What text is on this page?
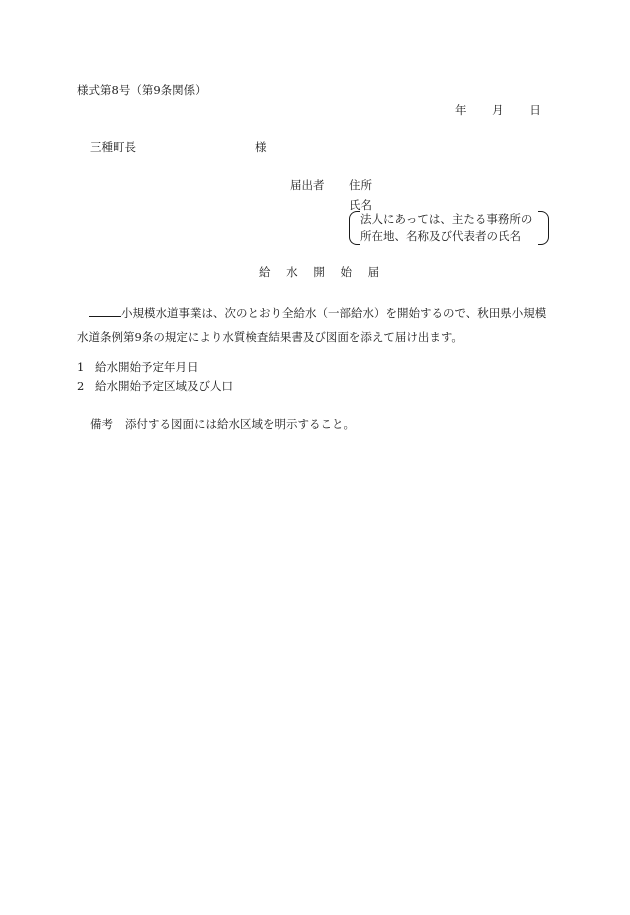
様式第8号（第9条関係）
年 月 日
三種町長	様
届出者 住所
氏名
法人にあっては、主たる事務所の
所在地、名称及び代表者の氏名
給 水 開 始 届
小規模水道事業は、次のとおり全給水（一部給水）を開始するので、秋田県小規模水道条例第9条の規定により水質検査結果書及び図面を添えて届け出ます。
1 給水開始予定年月日
2 給水開始予定区域及び人口
備考 添付する図面には給水区域を明示すること。
